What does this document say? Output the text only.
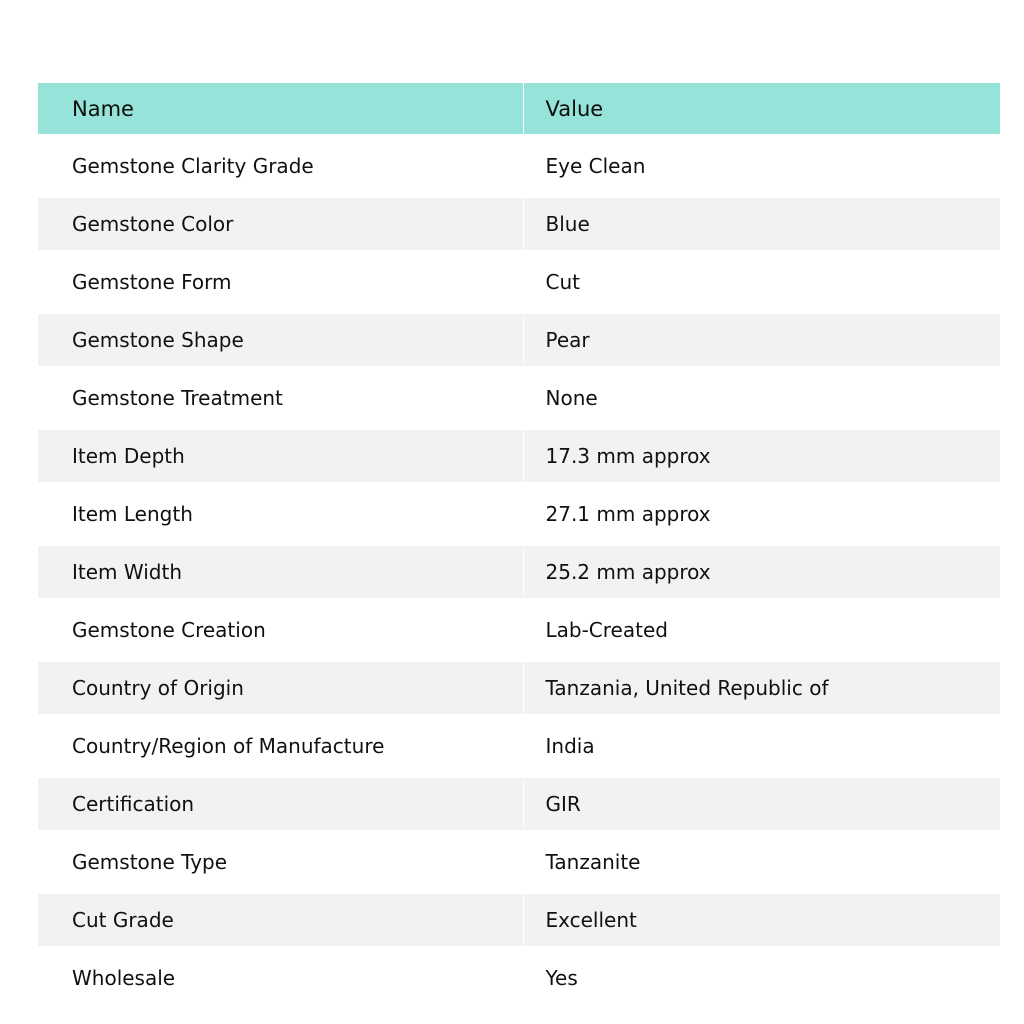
Name	Value
Gemstone Clarity Grade	Eye Clean
Gemstone Color	Blue
Gemstone Form	Cut
Gemstone Shape	Pear
Gemstone Treatment	None
Item Depth	17.3 mm approx
Item Length	27.1 mm approx
Item Width	25.2 mm approx
Gemstone Creation	Lab-Created
Country of Origin	Tanzania, United Republic of
Country/Region of Manufacture	India
Certification	GIR
Gemstone Type	Tanzanite
Cut Grade	Excellent
Wholesale	Yes
